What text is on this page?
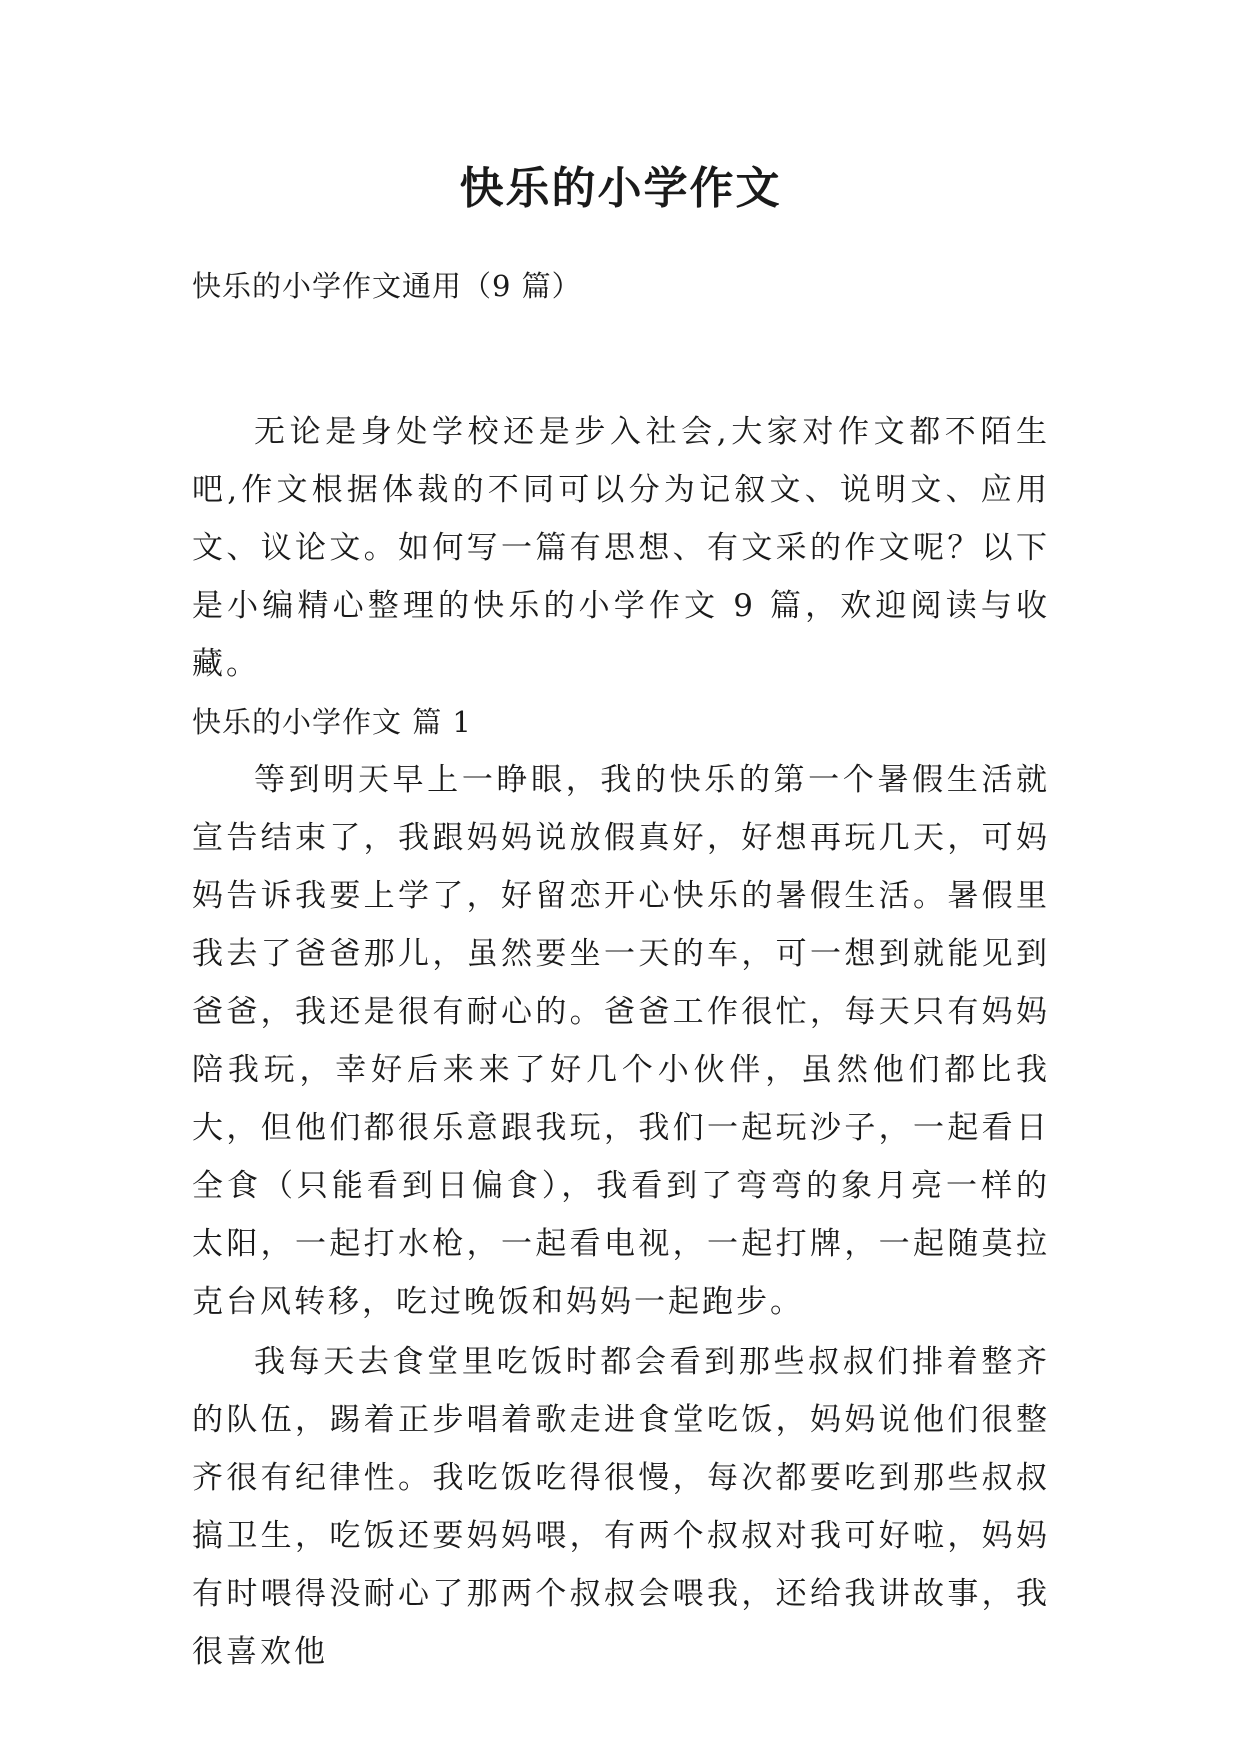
快乐的小学作文

快乐的小学作文通用（9 篇）

无论是身处学校还是步入社会,大家对作文都不陌生吧,作文根据体裁的不同可以分为记叙文、说明文、应用文、议论文。如何写一篇有思想、有文采的作文呢？以下是小编精心整理的快乐的小学作文 9 篇，欢迎阅读与收藏。

快乐的小学作文 篇 1

等到明天早上一睁眼，我的快乐的第一个暑假生活就宣告结束了，我跟妈妈说放假真好，好想再玩几天，可妈妈告诉我要上学了，好留恋开心快乐的暑假生活。暑假里我去了爸爸那儿，虽然要坐一天的车，可一想到就能见到爸爸，我还是很有耐心的。爸爸工作很忙，每天只有妈妈陪我玩，幸好后来来了好几个小伙伴，虽然他们都比我大，但他们都很乐意跟我玩，我们一起玩沙子，一起看日全食（只能看到日偏食），我看到了弯弯的象月亮一样的太阳，一起打水枪，一起看电视，一起打牌，一起随莫拉克台风转移，吃过晚饭和妈妈一起跑步。

我每天去食堂里吃饭时都会看到那些叔叔们排着整齐的队伍，踢着正步唱着歌走进食堂吃饭，妈妈说他们很整齐很有纪律性。我吃饭吃得很慢，每次都要吃到那些叔叔搞卫生，吃饭还要妈妈喂，有两个叔叔对我可好啦，妈妈有时喂得没耐心了那两个叔叔会喂我，还给我讲故事，我很喜欢他
